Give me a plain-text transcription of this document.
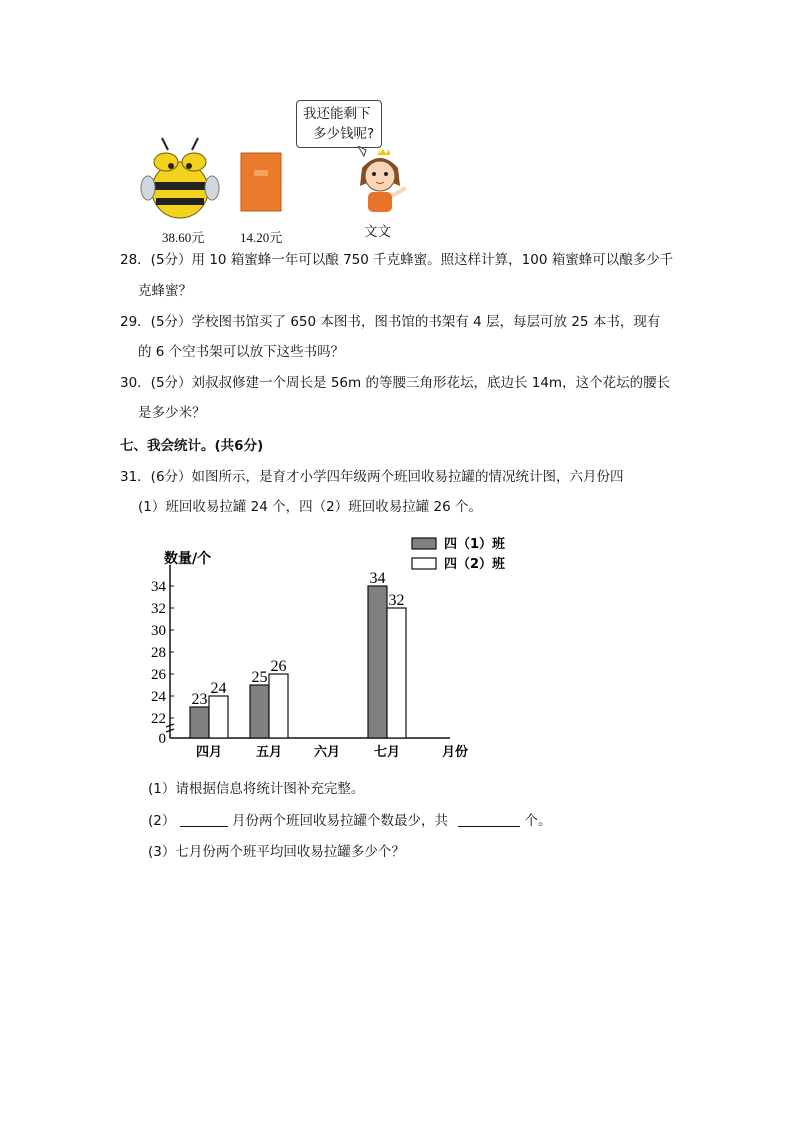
38.60元	14.20元
我还能剩下
多少钱呢?
文文
28．(5分）用 10 箱蜜蜂一年可以酿 750 千克蜂蜜。照这样计算，100 箱蜜蜂可以酿多少千
克蜂蜜？
29．(5分）学校图书馆买了 650 本图书，图书馆的书架有 4 层，每层可放 25 本书，现有
的 6 个空书架可以放下这些书吗？
30．(5分）刘叔叔修建一个周长是 56m 的等腰三角形花坛，底边长 14m，这个花坛的腰长
是多少米？
七、我会统计。(共6分)
31．(6分）如图所示，是育才小学四年级两个班回收易拉罐的情况统计图，六月份四
(1）班回收易拉罐 24 个，四（2）班回收易拉罐 26 个。
数量/个
0
22
24
26
28
30
32
34
四月
23
24
五月
25
26
六月	七月
34
32
月份
四（1）班
四（2）班
(1）请根据信息将统计图补充完整。
(2）	月份两个班回收易拉罐个数最少，共	个。
(3）七月份两个班平均回收易拉罐多少个？
